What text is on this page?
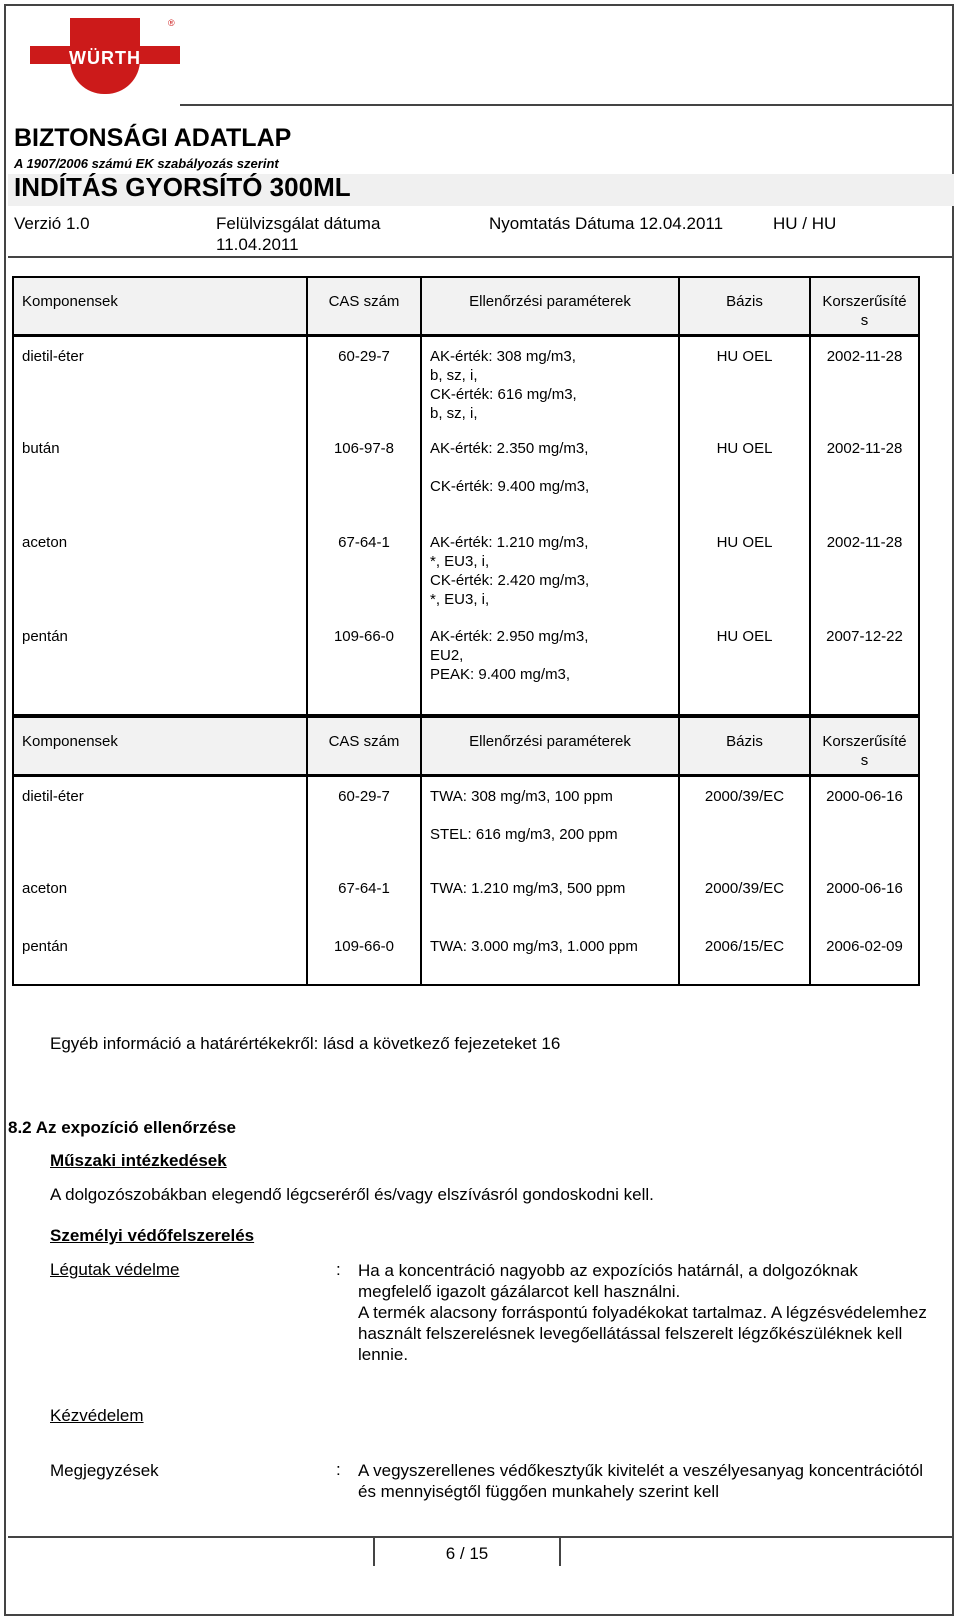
WÜRTH
®
BIZTONSÁGI ADATLAP
A 1907/2006 számú EK szabályozás szerint
INDÍTÁS GYORSÍTÓ 300ML
Verzió 1.0	Felülvizsgálat dátuma
11.04.2011
Nyomtatás Dátuma 12.04.2011	HU / HU
Komponensek	CAS szám	Ellenőrzési paraméterek	Bázis	Korszerűsíté s
dietil-éter	60-29-7	AK-érték: 308 mg/m3,
b, sz, i,
CK-érték: 616 mg/m3,
b, sz, i,	HU OEL	2002-11-28
bután	106-97-8	AK-érték: 2.350 mg/m3,

CK-érték: 9.400 mg/m3,	HU OEL	2002-11-28
aceton	67-64-1	AK-érték: 1.210 mg/m3,
*, EU3, i,
CK-érték: 2.420 mg/m3,
*, EU3, i,	HU OEL	2002-11-28
pentán	109-66-0	AK-érték: 2.950 mg/m3,
EU2,
PEAK: 9.400 mg/m3,	HU OEL	2007-12-22
Komponensek	CAS szám	Ellenőrzési paraméterek	Bázis	Korszerűsíté s
dietil-éter	60-29-7	TWA: 308 mg/m3, 100 ppm

STEL: 616 mg/m3, 200 ppm	2000/39/EC	2000-06-16
aceton	67-64-1	TWA: 1.210 mg/m3, 500 ppm	2000/39/EC	2000-06-16
pentán	109-66-0	TWA: 3.000 mg/m3, 1.000 ppm	2006/15/EC	2006-02-09
Egyéb információ a határértékekről: lásd a következő fejezeteket 16
8.2 Az expozíció ellenőrzése
Műszaki intézkedések
A dolgozószobákban elegendő légcseréről és/vagy elszívásról gondoskodni kell.
Személyi védőfelszerelés
Légutak védelme	: Ha a koncentráció nagyobb az expozíciós határnál, a dolgozóknak megfelelő igazolt gázálarcot kell használni.
A termék alacsony forráspontú folyadékokat tartalmaz. A légzésvédelemhez használt felszerelésnek levegőellátással felszerelt légzőkészüléknek kell lennie.
Kézvédelem
Megjegyzések	: A vegyszerellenes védőkesztyűk kivitelét a veszélyesanyag koncentrációtól és mennyiségtől függően munkahely szerint kell
6 / 15
